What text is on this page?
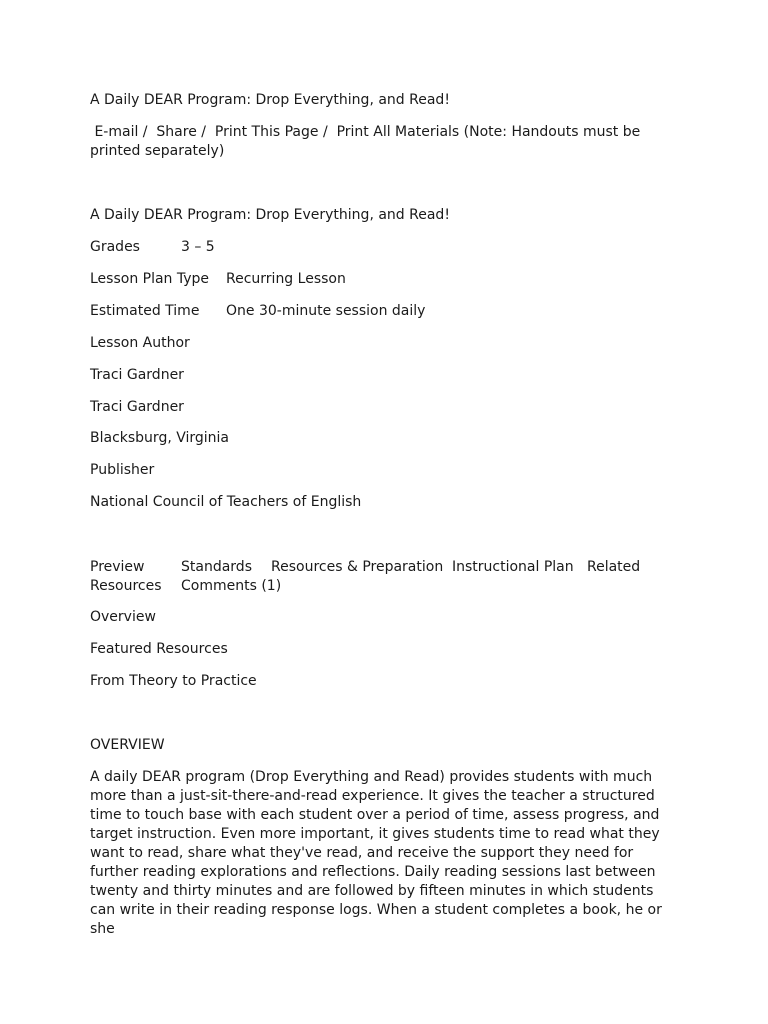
A Daily DEAR Program: Drop Everything, and Read!
E-mail / Share / Print This Page / Print All Materials (Note: Handouts must be printed separately)
A Daily DEAR Program: Drop Everything, and Read!
Grades	3 – 5
Lesson Plan Type Recurring Lesson
Estimated Time One 30-minute session daily
Lesson Author
Traci Gardner
Traci Gardner
Blacksburg, Virginia
Publisher
National Council of Teachers of English
Preview	Standards Resources & Preparation Instructional Plan Related
Resources Comments (1)
Overview
Featured Resources
From Theory to Practice
OVERVIEW
A daily DEAR program (Drop Everything and Read) provides students with much more than a just-sit-there-and-read experience. It gives the teacher a structured time to touch base with each student over a period of time, assess progress, and target instruction. Even more important, it gives students time to read what they want to read, share what they've read, and receive the support they need for further reading explorations and reflections. Daily reading sessions last between twenty and thirty minutes and are followed by fifteen minutes in which students can write in their reading response logs. When a student completes a book, he or she
